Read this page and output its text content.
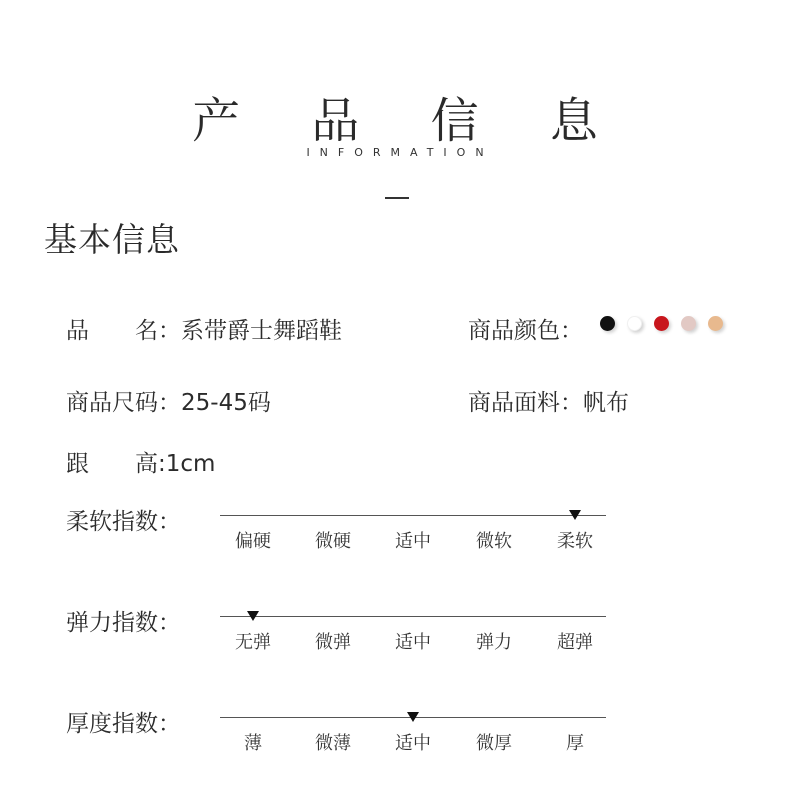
产 品 信 息
INFORMATION
基本信息
品　　名：系带爵士舞蹈鞋	商品颜色：
商品尺码：25-45码	商品面料：帆布
跟　　高:1cm
柔软指数：
偏硬	微硬	适中	微软	柔软
弹力指数：
无弹	微弹	适中	弹力	超弹
厚度指数：
薄	微薄	适中	微厚	厚
